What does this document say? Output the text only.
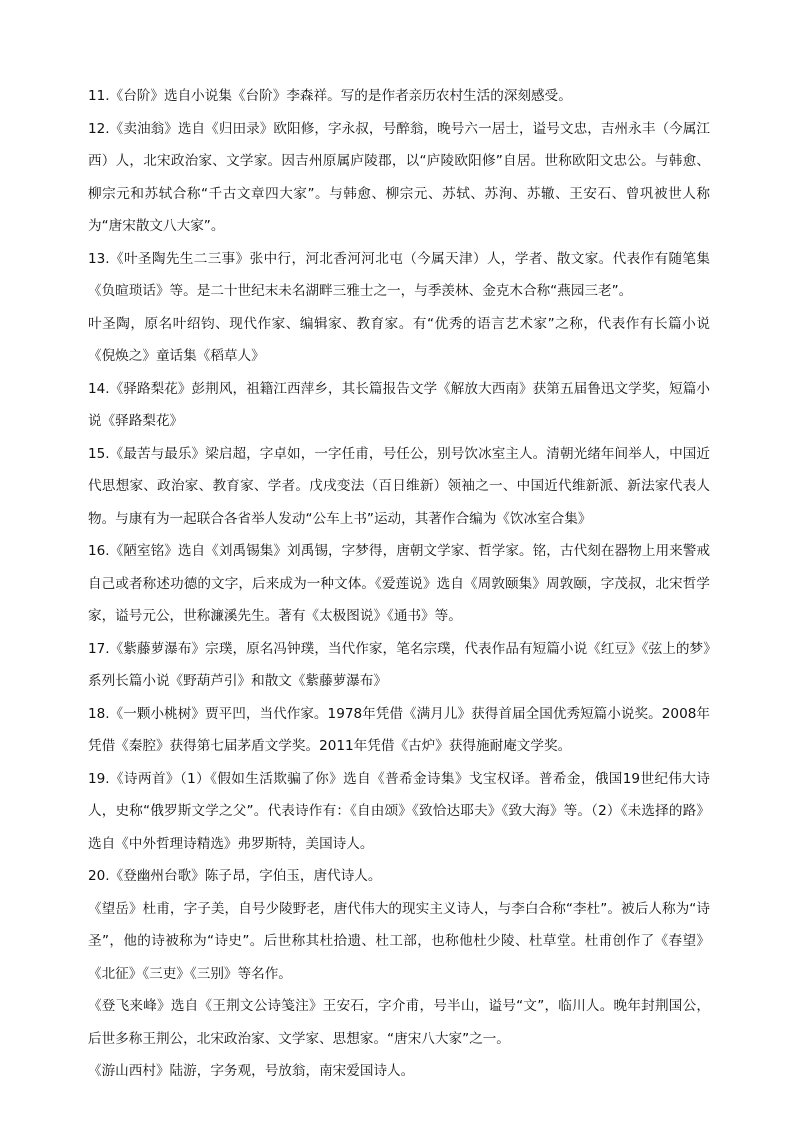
11.《台阶》选自小说集《台阶》李森祥。写的是作者亲历农村生活的深刻感受。

12.《卖油翁》选自《归田录》欧阳修，字永叔，号醉翁，晚号六一居士，谥号文忠，吉州永丰（今属江西）人，北宋政治家、文学家。因吉州原属庐陵郡，以“庐陵欧阳修”自居。世称欧阳文忠公。与韩愈、柳宗元和苏轼合称“千古文章四大家”。与韩愈、柳宗元、苏轼、苏洵、苏辙、王安石、曾巩被世人称为“唐宋散文八大家”。

13.《叶圣陶先生二三事》张中行，河北香河河北屯（今属天津）人，学者、散文家。代表作有随笔集《负暄琐话》等。是二十世纪末未名湖畔三雅士之一，与季羡林、金克木合称“燕园三老”。

叶圣陶，原名叶绍钧、现代作家、编辑家、教育家。有“优秀的语言艺术家”之称，代表作有长篇小说《倪焕之》童话集《稻草人》

14.《驿路梨花》彭荆风，祖籍江西萍乡，其长篇报告文学《解放大西南》获第五届鲁迅文学奖，短篇小说《驿路梨花》

15.《最苦与最乐》梁启超，字卓如，一字任甫，号任公，别号饮冰室主人。清朝光绪年间举人，中国近代思想家、政治家、教育家、学者。戊戌变法（百日维新）领袖之一、中国近代维新派、新法家代表人物。与康有为一起联合各省举人发动“公车上书”运动，其著作合编为《饮冰室合集》

16.《陋室铭》选自《刘禹锡集》刘禹锡，字梦得，唐朝文学家、哲学家。铭，古代刻在器物上用来警戒自己或者称述功德的文字，后来成为一种文体。《爱莲说》选自《周敦颐集》周敦颐，字茂叔，北宋哲学家，谥号元公，世称濂溪先生。著有《太极图说》《通书》等。

17.《紫藤萝瀑布》宗璞，原名冯钟璞，当代作家，笔名宗璞，代表作品有短篇小说《红豆》《弦上的梦》系列长篇小说《野葫芦引》和散文《紫藤萝瀑布》

18.《一颗小桃树》贾平凹，当代作家。1978年凭借《满月儿》获得首届全国优秀短篇小说奖。2008年凭借《秦腔》获得第七届茅盾文学奖。2011年凭借《古炉》获得施耐庵文学奖。

19.《诗两首》（1）《假如生活欺骗了你》选自《普希金诗集》戈宝权译。普希金，俄国19世纪伟大诗人，史称“俄罗斯文学之父”。代表诗作有：《自由颂》《致恰达耶夫》《致大海》等。（2）《未选择的路》选自《中外哲理诗精选》弗罗斯特，美国诗人。

20.《登幽州台歌》陈子昂，字伯玉，唐代诗人。

《望岳》杜甫，字子美，自号少陵野老，唐代伟大的现实主义诗人，与李白合称“李杜”。被后人称为“诗圣”，他的诗被称为“诗史”。后世称其杜拾遗、杜工部，也称他杜少陵、杜草堂。杜甫创作了《春望》《北征》《三吏》《三别》等名作。

《登飞来峰》选自《王荆文公诗笺注》王安石，字介甫，号半山，谥号“文”，临川人。晚年封荆国公，后世多称王荆公，北宋政治家、文学家、思想家。“唐宋八大家”之一。

《游山西村》陆游，字务观，号放翁，南宋爱国诗人。
